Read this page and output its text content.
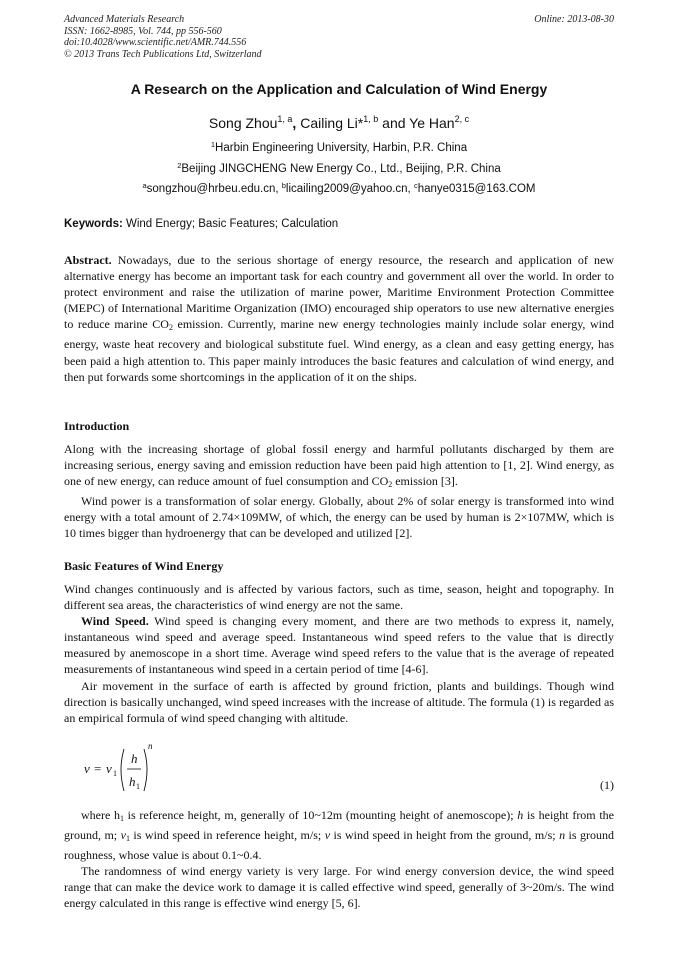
Advanced Materials Research
ISSN: 1662-8985, Vol. 744, pp 556-560
doi:10.4028/www.scientific.net/AMR.744.556
© 2013 Trans Tech Publications Ltd, Switzerland
Online: 2013-08-30
A Research on the Application and Calculation of Wind Energy
Song Zhou$^{1, a}$, Cailing Li*$^{1, b}$ and Ye Han$^{2, c}$
$^1$Harbin Engineering University, Harbin, P.R. China
$^2$Beijing JINGCHENG New Energy Co., Ltd., Beijing, P.R. China
$^a$songzhou@hrbeu.edu.cn, $^b$licailing2009@yahoo.cn, $^c$hanye0315@163.COM
Keywords: Wind Energy; Basic Features; Calculation

Abstract. Nowadays, due to the serious shortage of energy resource, the research and application of new alternative energy has become an important task for each country and government all over the world. In order to protect environment and raise the utilization of marine power, Maritime Environment Protection Committee (MEPC) of International Maritime Organization (IMO) encouraged ship operators to use new alternative energies to reduce marine $CO_2$ emission. Currently, marine new energy technologies mainly include solar energy, wind energy, waste heat recovery and biological substitute fuel. Wind energy, as a clean and easy getting energy, has been paid a high attention to. This paper mainly introduces the basic features and calculation of wind energy, and then put forwards some shortcomings in the application of it on the ships.

Introduction

Along with the increasing shortage of global fossil energy and harmful pollutants discharged by them are increasing serious, energy saving and emission reduction have been paid high attention to [1, 2]. Wind energy, as one of new energy, can reduce amount of fuel consumption and $CO_2$ emission [3].

Wind power is a transformation of solar energy. Globally, about 2% of solar energy is transformed into wind energy with a total amount of 2.74×109MW, of which, the energy can be used by human is 2×107MW, which is 10 times bigger than hydroenergy that can be developed and utilized [2].

Basic Features of Wind Energy

Wind changes continuously and is affected by various factors, such as time, season, height and topography. In different sea areas, the characteristics of wind energy are not the same.

Wind Speed. Wind speed is changing every moment, and there are two methods to express it, namely, instantaneous wind speed and average speed. Instantaneous wind speed refers to the value that is directly measured by anemoscope in a short time. Average wind speed refers to the value that is the average of repeated measurements of instantaneous wind speed in a certain period of time [4-6].

Air movement in the surface of earth is affected by ground friction, plants and buildings. Though wind direction is basically unchanged, wind speed increases with the increase of altitude. The formula (1) is regarded as an empirical formula of wind speed changing with altitude.

v = v 1
h
h 1
n
(1)

where $h_1$ is reference height, m, generally of 10~12m (mounting height of anemoscope); h is height from the ground, m; $v_1$ is wind speed in reference height, m/s; v is wind speed in height from the ground, m/s; n is ground roughness, whose value is about 0.1~0.4.

The randomness of wind energy variety is very large. For wind energy conversion device, the wind speed range that can make the device work to damage it is called effective wind speed, generally of 3~20m/s. The wind energy calculated in this range is effective wind energy [5, 6].
